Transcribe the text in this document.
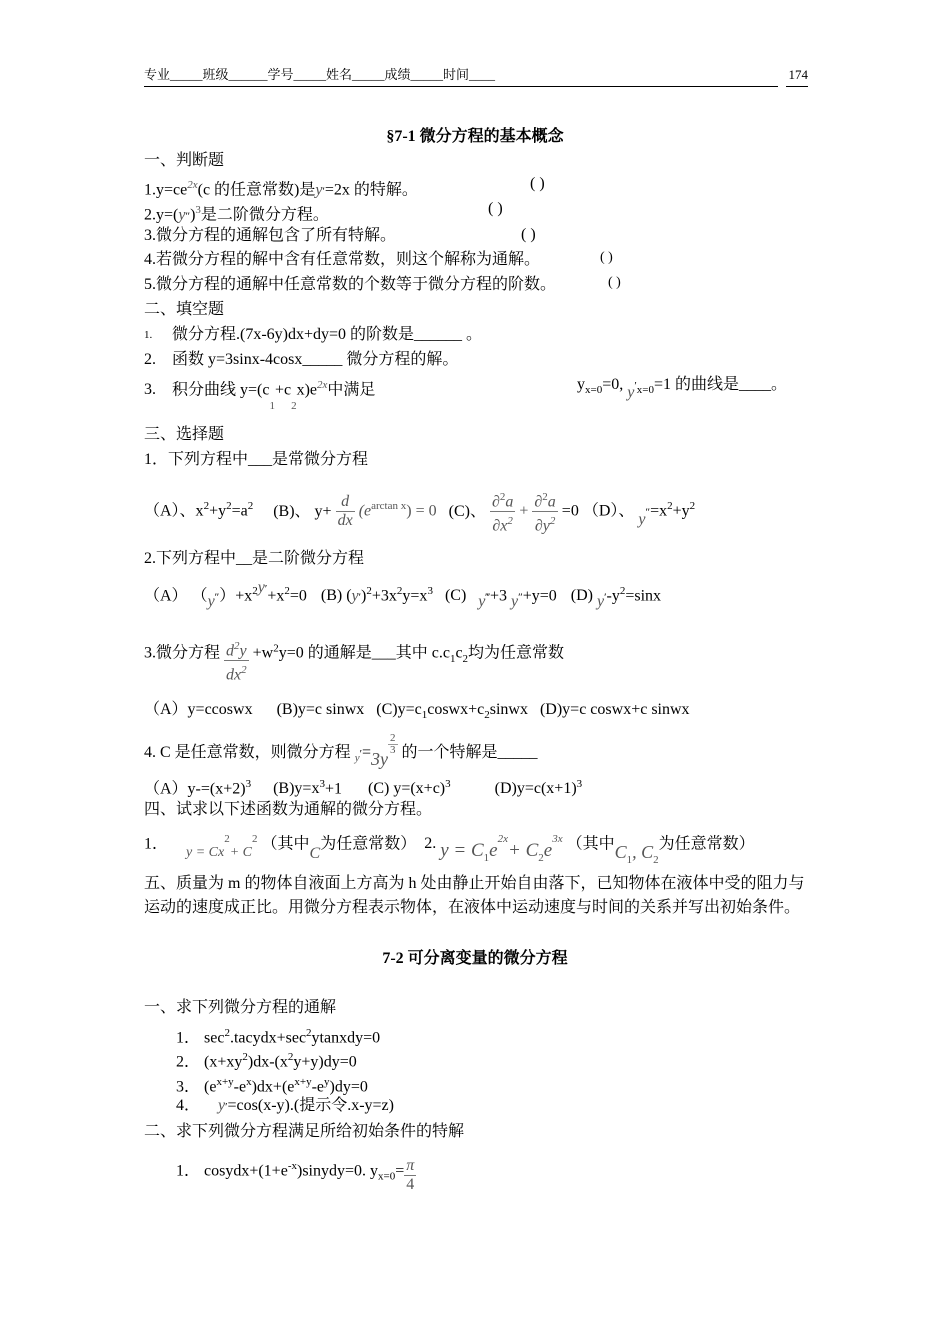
专业_____班级______学号_____姓名_____成绩_____时间____	174
§7-1 微分方程的基本概念
一、判断题
$1.y=ce^{2x}(c$ 的任意常数)是y′=2x 的特解。	( )
$2.y=(y'')^3$是二阶微分方程。	( )
3.微分方程的通解包含了所有特解。	( )
4.若微分方程的解中含有任意常数，则这个解称为通解。	( )
5.微分方程的通解中任意常数的个数等于微分方程的阶数。	( )
二、填空题
1. 微分方程.(7x-6y)dx+dy=0 的阶数是______ 。
2. 函数 y=3sinx-4cosx_____ 微分方程的解。
3. 积分曲线 $y=(c_1+c_2x)e^{2x}$中满足	$y_{x=0}=0$, $y'_{x=0}=1$ 的曲线是____。
三、选择题
1．下列方程中___是常微分方程
（A）、$x^2+y^2=a^2$ (B)、 $y+ \frac{d}{dx} (e^{arctan x}) = 0$ (C)、 $\frac{\partial^2a}{\partial x^2} + \frac{\partial^2a}{\partial y^2} =0$ （D）、 $y''=x^2+y^2$
2.下列方程中__是二阶微分方程
（A） $(y'')+x^2y'+x^2=0$ (B) $(y')^2+3x^2y=x^3$ (C) y‴+3 y″+y=0 (D) $y'-y^2=\sin x$
3.微分方程 $\frac{d^2y}{dx^2} +w^2y=0$ 的通解是___其中 $c.c_1c_2$均为任意常数
（A）y=ccoswx (B)y=c sinwx $(C)y=c_1coswx+c_2sinwx$ (D)y=c coswx+c sinwx
4. C 是任意常数，则微分方程 $_y$′=3y
$\frac{2}{3}$ 的一个特解是_____
$(A)y-=(x+2)^3$ $(B)y=x^3+1$ (C) $y=(x+c)^3$	$(D)y=c(x+1)^3$
四、试求以下述函数为通解的微分方程。
1． $y = Cx^2+ C^2$ （其中C为任意常数） 2. $y = C_1e^{2x}+ C_2e^{3x}$ （其中$C_1$, $C_2$为任意常数）
五、质量为 m 的物体自液面上方高为 h 处由静止开始自由落下，已知物体在液体中受的阻力与运动的速度成正比。用微分方程表示物体，在液体中运动速度与时间的关系并写出初始条件。
7-2 可分离变量的微分方程
一、求下列微分方程的通解
1． $\sec^2.tacydx+\sec^2ytanxdy=0$
2． $(x+xy^2)dx-(x^2y+y)dy=0$
3． $(e^{x+y}-e^x)dx+(e^{x+y}-e^y)dy=0$
4． y′=cos(x-y).(提示令.x-y=z)
二、求下列微分方程满足所给初始条件的特解
1． $cosydx+(1+e^{-x})sinydy=0$. $y_{x=0}= \frac{\pi}{4}$
